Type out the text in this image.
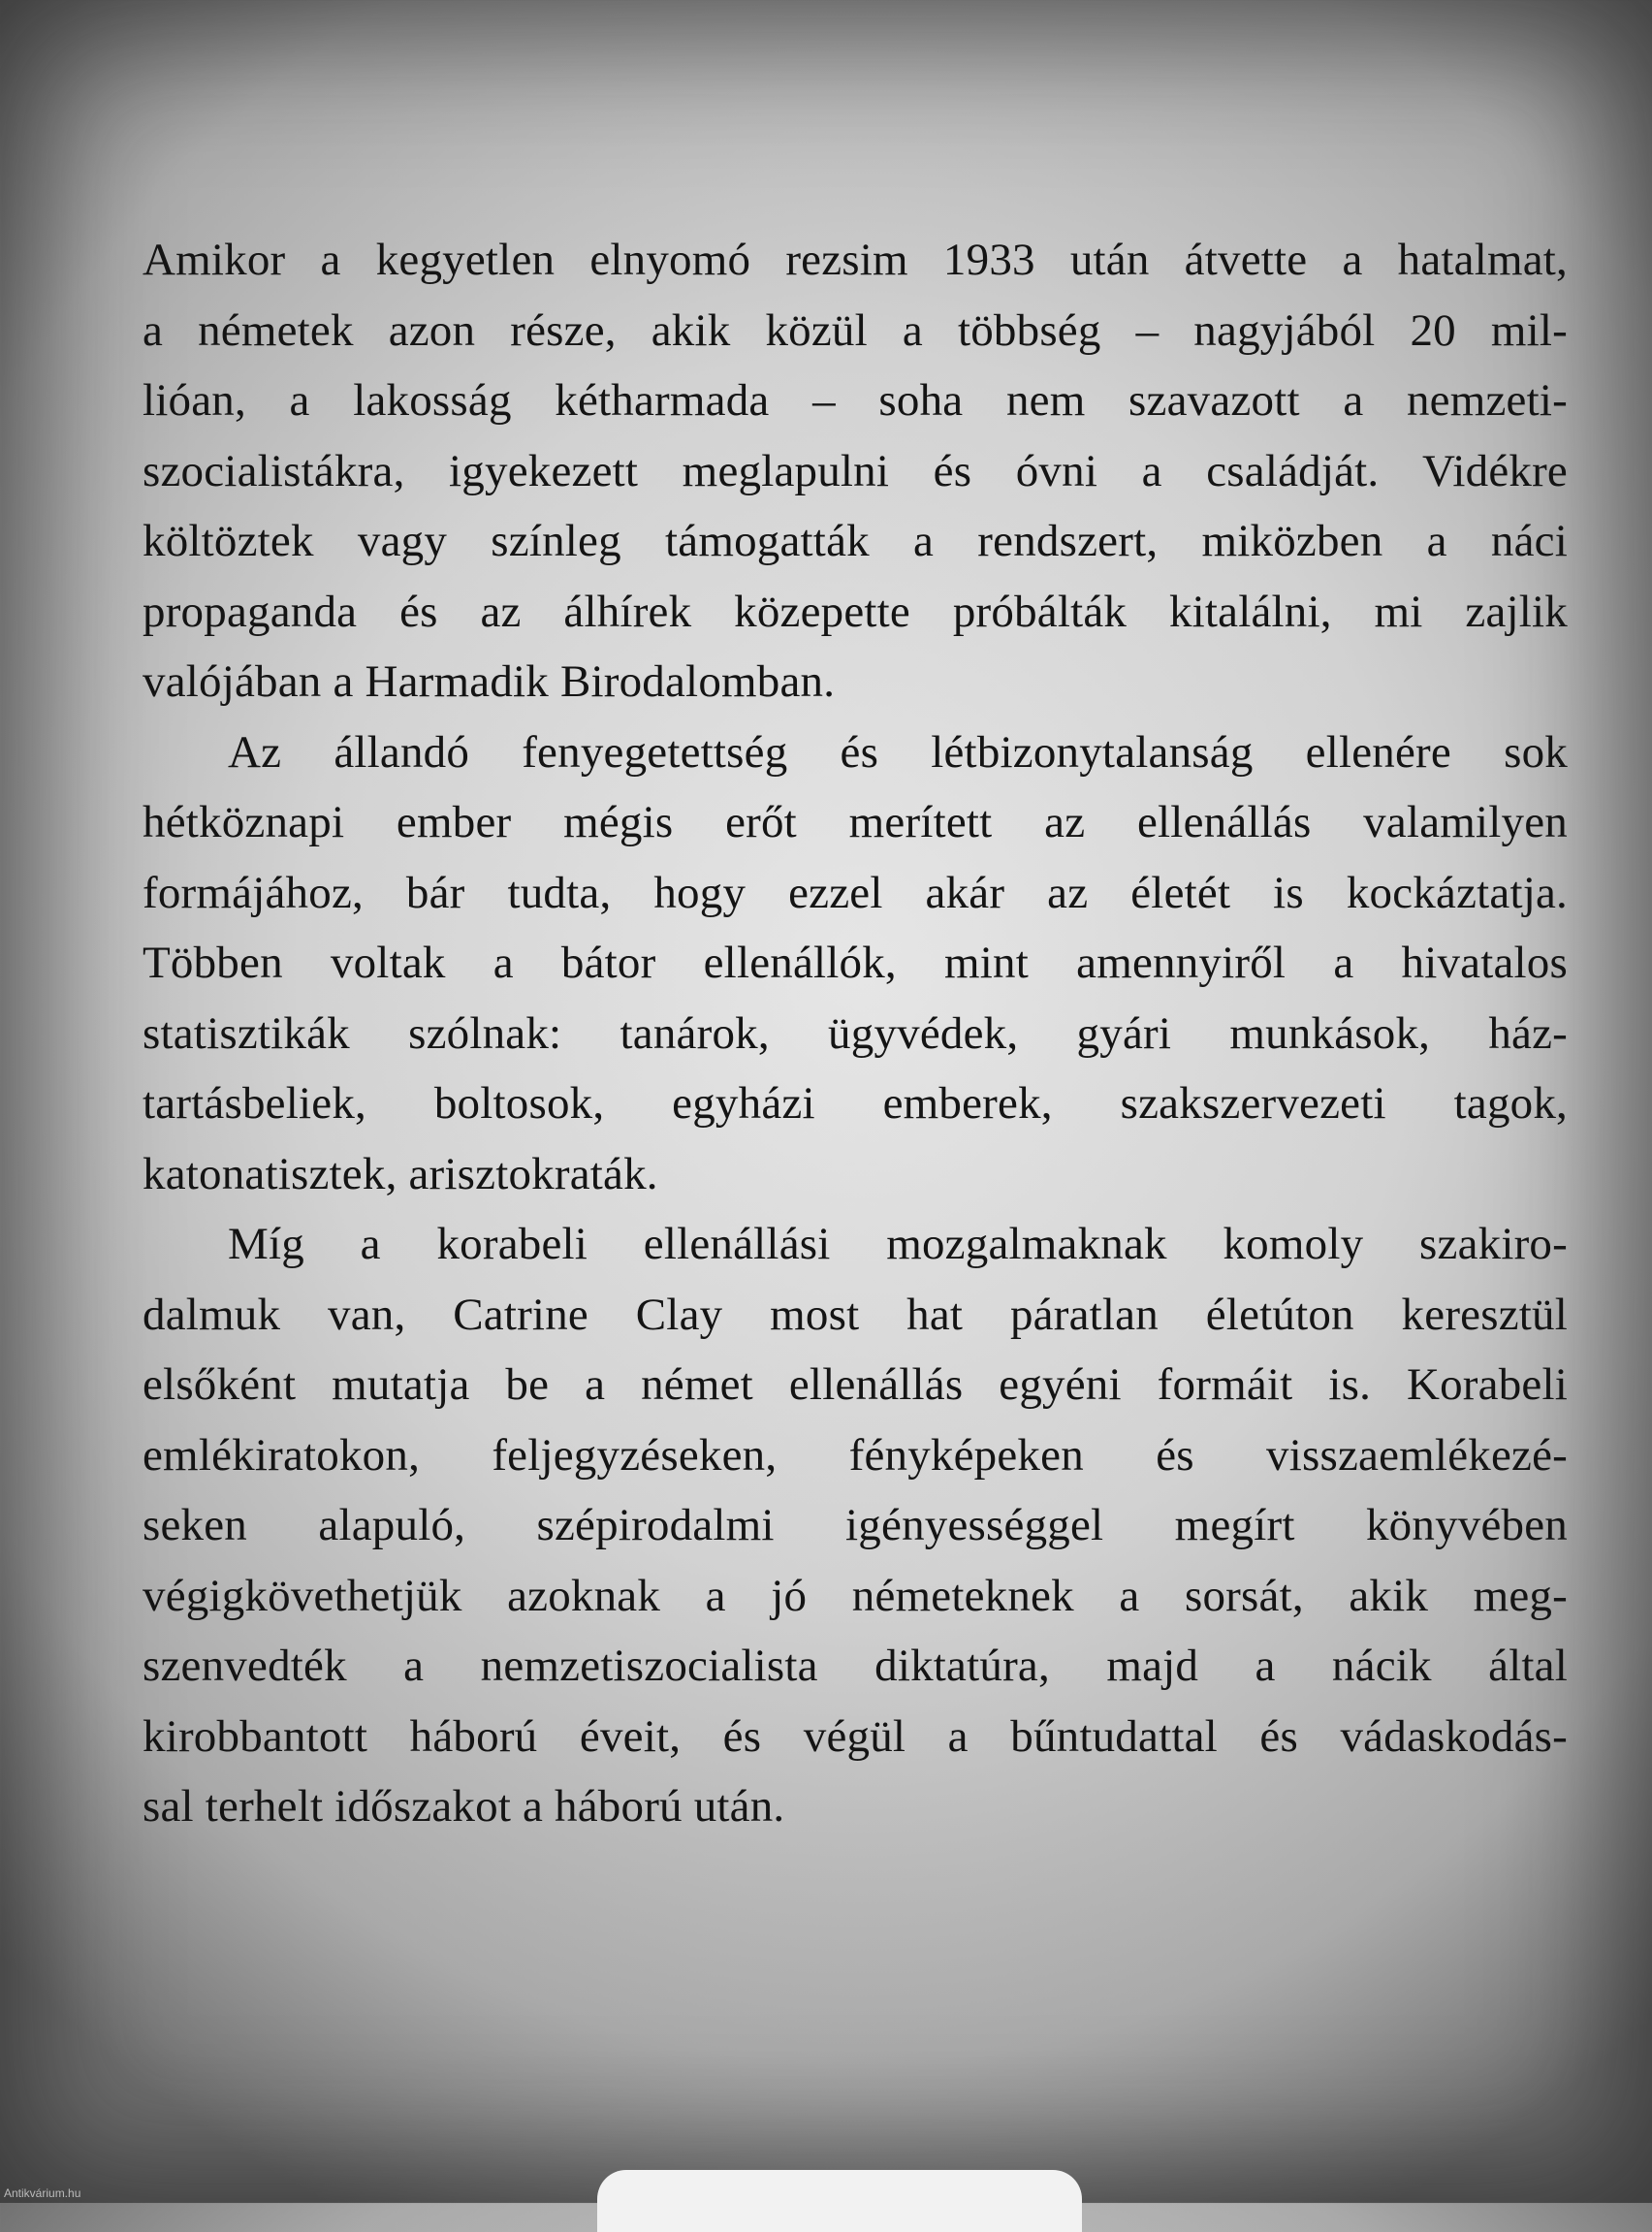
Amikor a kegyetlen elnyomó rezsim 1933 után átvette a hatalmat,
a németek azon része, akik közül a többség – nagyjából 20 mil-
lióan, a lakosság kétharmada – soha nem szavazott a nemzeti-
szocialistákra, igyekezett meglapulni és óvni a családját. Vidékre
költöztek vagy színleg támogatták a rendszert, miközben a náci
propaganda és az álhírek közepette próbálták kitalálni, mi zajlik
valójában a Harmadik Birodalomban.
Az állandó fenyegetettség és létbizonytalanság ellenére sok
hétköznapi ember mégis erőt merített az ellenállás valamilyen
formájához, bár tudta, hogy ezzel akár az életét is kockáztatja.
Többen voltak a bátor ellenállók, mint amennyiről a hivatalos
statisztikák szólnak: tanárok, ügyvédek, gyári munkások, ház-
tartásbeliek, boltosok, egyházi emberek, szakszervezeti tagok,
katonatisztek, arisztokraták.
Míg a korabeli ellenállási mozgalmaknak komoly szakiro-
dalmuk van, Catrine Clay most hat páratlan életúton keresztül
elsőként mutatja be a német ellenállás egyéni formáit is. Korabeli
emlékiratokon, feljegyzéseken, fényképeken és visszaemlékezé-
seken alapuló, szépirodalmi igényességgel megírt könyvében
végigkövethetjük azoknak a jó németeknek a sorsát, akik meg-
szenvedték a nemzetiszocialista diktatúra, majd a nácik által
kirobbantott háború éveit, és végül a bűntudattal és vádaskodás-
sal terhelt időszakot a háború után.
Antikvárium.hu
